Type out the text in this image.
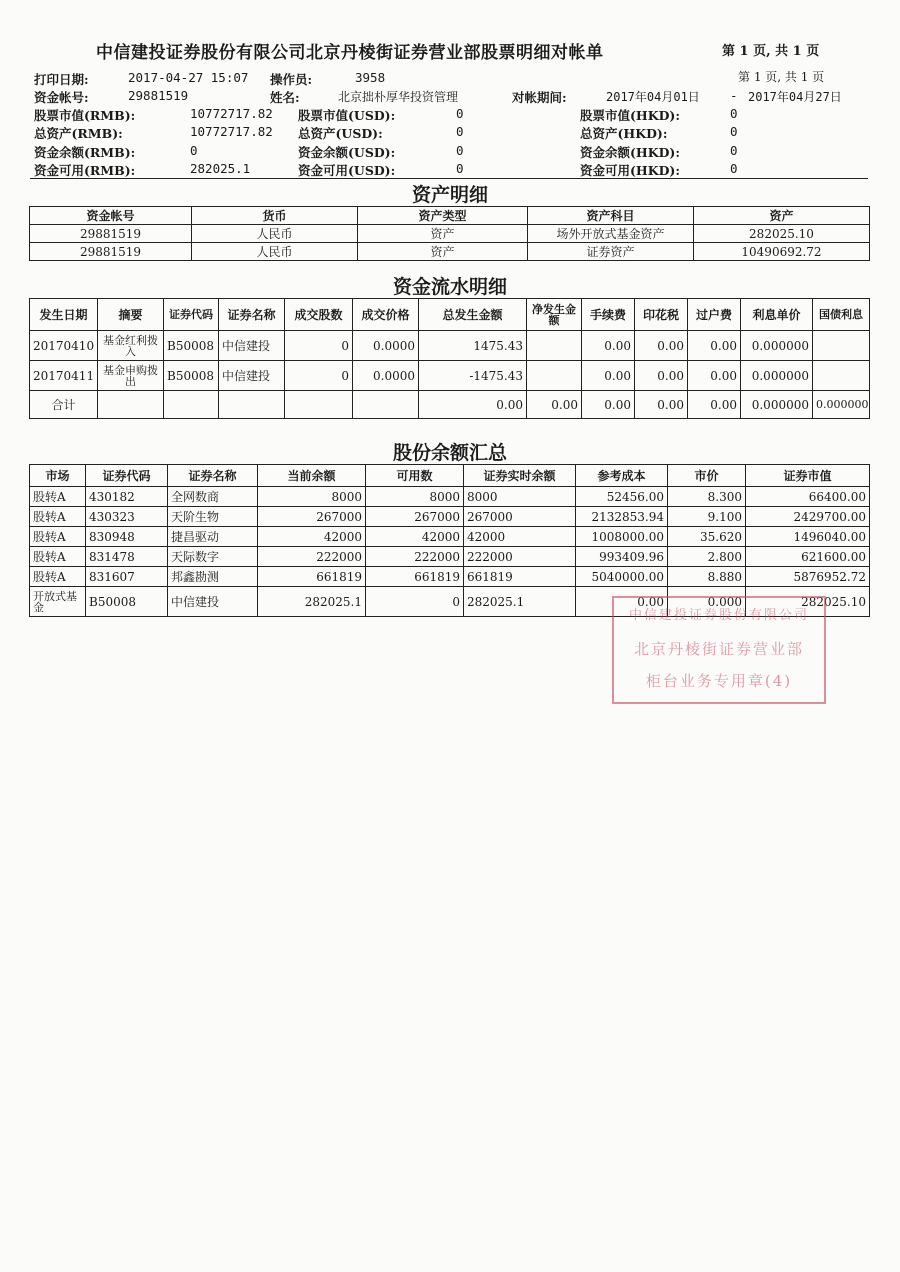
中信建投证券股份有限公司北京丹棱街证券营业部股票明细对帐单	第 1 页, 共 1 页
第 1 页, 共 1 页
打印日期:	2017-04-27 15:07 操作员:	3958
资金帐号:	29881519	姓名:	北京拙朴厚华投资管理	对帐期间:	2017年04月01日 - 2017年04月27日
股票市值(RMB):	10772717.82 股票市值(USD):	0	股票市值(HKD):	0
总资产(RMB):	10772717.82 总资产(USD):	0	总资产(HKD):	0
资金余额(RMB):	0	资金余额(USD):	0	资金余额(HKD):	0
资金可用(RMB):	282025.1	资金可用(USD):	0	资金可用(HKD):	0
资产明细
资金帐号	货币	资产类型	资产科目	资产
29881519	人民币	资产	场外开放式基金资产	282025.10
29881519	人民币	资产	证券资产	10490692.72
资金流水明细
发生日期	摘要	证券代码	证券名称	成交股数	成交价格	总发生金额	净发生金额	手续费	印花税	过户费	利息单价	国债利息
20170410	基金红利拨入	B50008	中信建投	0	0.0000	1475.43		0.00	0.00	0.00	0.000000	
20170411	基金申购拨出	B50008	中信建投	0	0.0000	-1475.43		0.00	0.00	0.00	0.000000	
合计						0.00	0.00	0.00	0.00	0.00	0.000000	0.000000
股份余额汇总
市场	证券代码	证券名称	当前余额	可用数	证券实时余额	参考成本	市价	证券市值
股转A	430182	全网数商	8000	8000	8000	52456.00	8.300	66400.00
股转A	430323	天阶生物	267000	267000	267000	2132853.94	9.100	2429700.00
股转A	830948	捷昌驱动	42000	42000	42000	1008000.00	35.620	1496040.00
股转A	831478	天际数字	222000	222000	222000	993409.96	2.800	621600.00
股转A	831607	邦鑫勘测	661819	661819	661819	5040000.00	8.880	5876952.72
开放式基金	B50008	中信建投	282025.1	0	282025.1	0.00	0.000	282025.10
中信建投证券股份有限公司
北京丹棱街证券营业部
柜台业务专用章(4)
